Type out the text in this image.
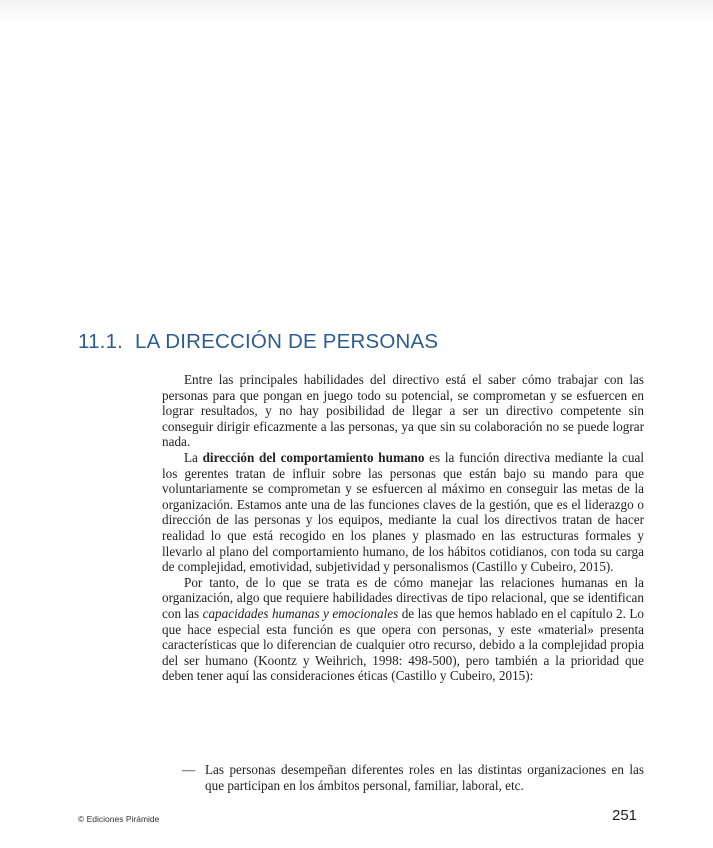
11.1. LA DIRECCIÓN DE PERSONAS

Entre las principales habilidades del directivo está el saber cómo trabajar con las personas para que pongan en juego todo su potencial, se comprometan y se esfuercen en lograr resultados, y no hay posibilidad de llegar a ser un directivo competente sin conseguir dirigir eficazmente a las personas, ya que sin su colaboración no se puede lograr nada.

La dirección del comportamiento humano es la función directiva mediante la cual los gerentes tratan de influir sobre las personas que están bajo su mando para que voluntariamente se comprometan y se esfuercen al máximo en conseguir las metas de la organización. Estamos ante una de las funciones claves de la gestión, que es el liderazgo o dirección de las personas y los equipos, mediante la cual los directivos tratan de hacer realidad lo que está recogido en los planes y plasmado en las estructuras formales y llevarlo al plano del comportamiento humano, de los hábitos cotidianos, con toda su carga de complejidad, emotividad, subjetividad y personalismos (Castillo y Cubeiro, 2015).

Por tanto, de lo que se trata es de cómo manejar las relaciones humanas en la organización, algo que requiere habilidades directivas de tipo relacional, que se identifican con las capacidades humanas y emocionales de las que hemos hablado en el capítulo 2. Lo que hace especial esta función es que opera con personas, y este «material» presenta características que lo diferencian de cualquier otro recurso, debido a la complejidad propia del ser humano (Koontz y Weihrich, 1998: 498-500), pero también a la prioridad que deben tener aquí las consideraciones éticas (Castillo y Cubeiro, 2015):

— Las personas desempeñan diferentes roles en las distintas organizaciones en las que participan en los ámbitos personal, familiar, laboral, etc.
© Ediciones Pirámide	251
